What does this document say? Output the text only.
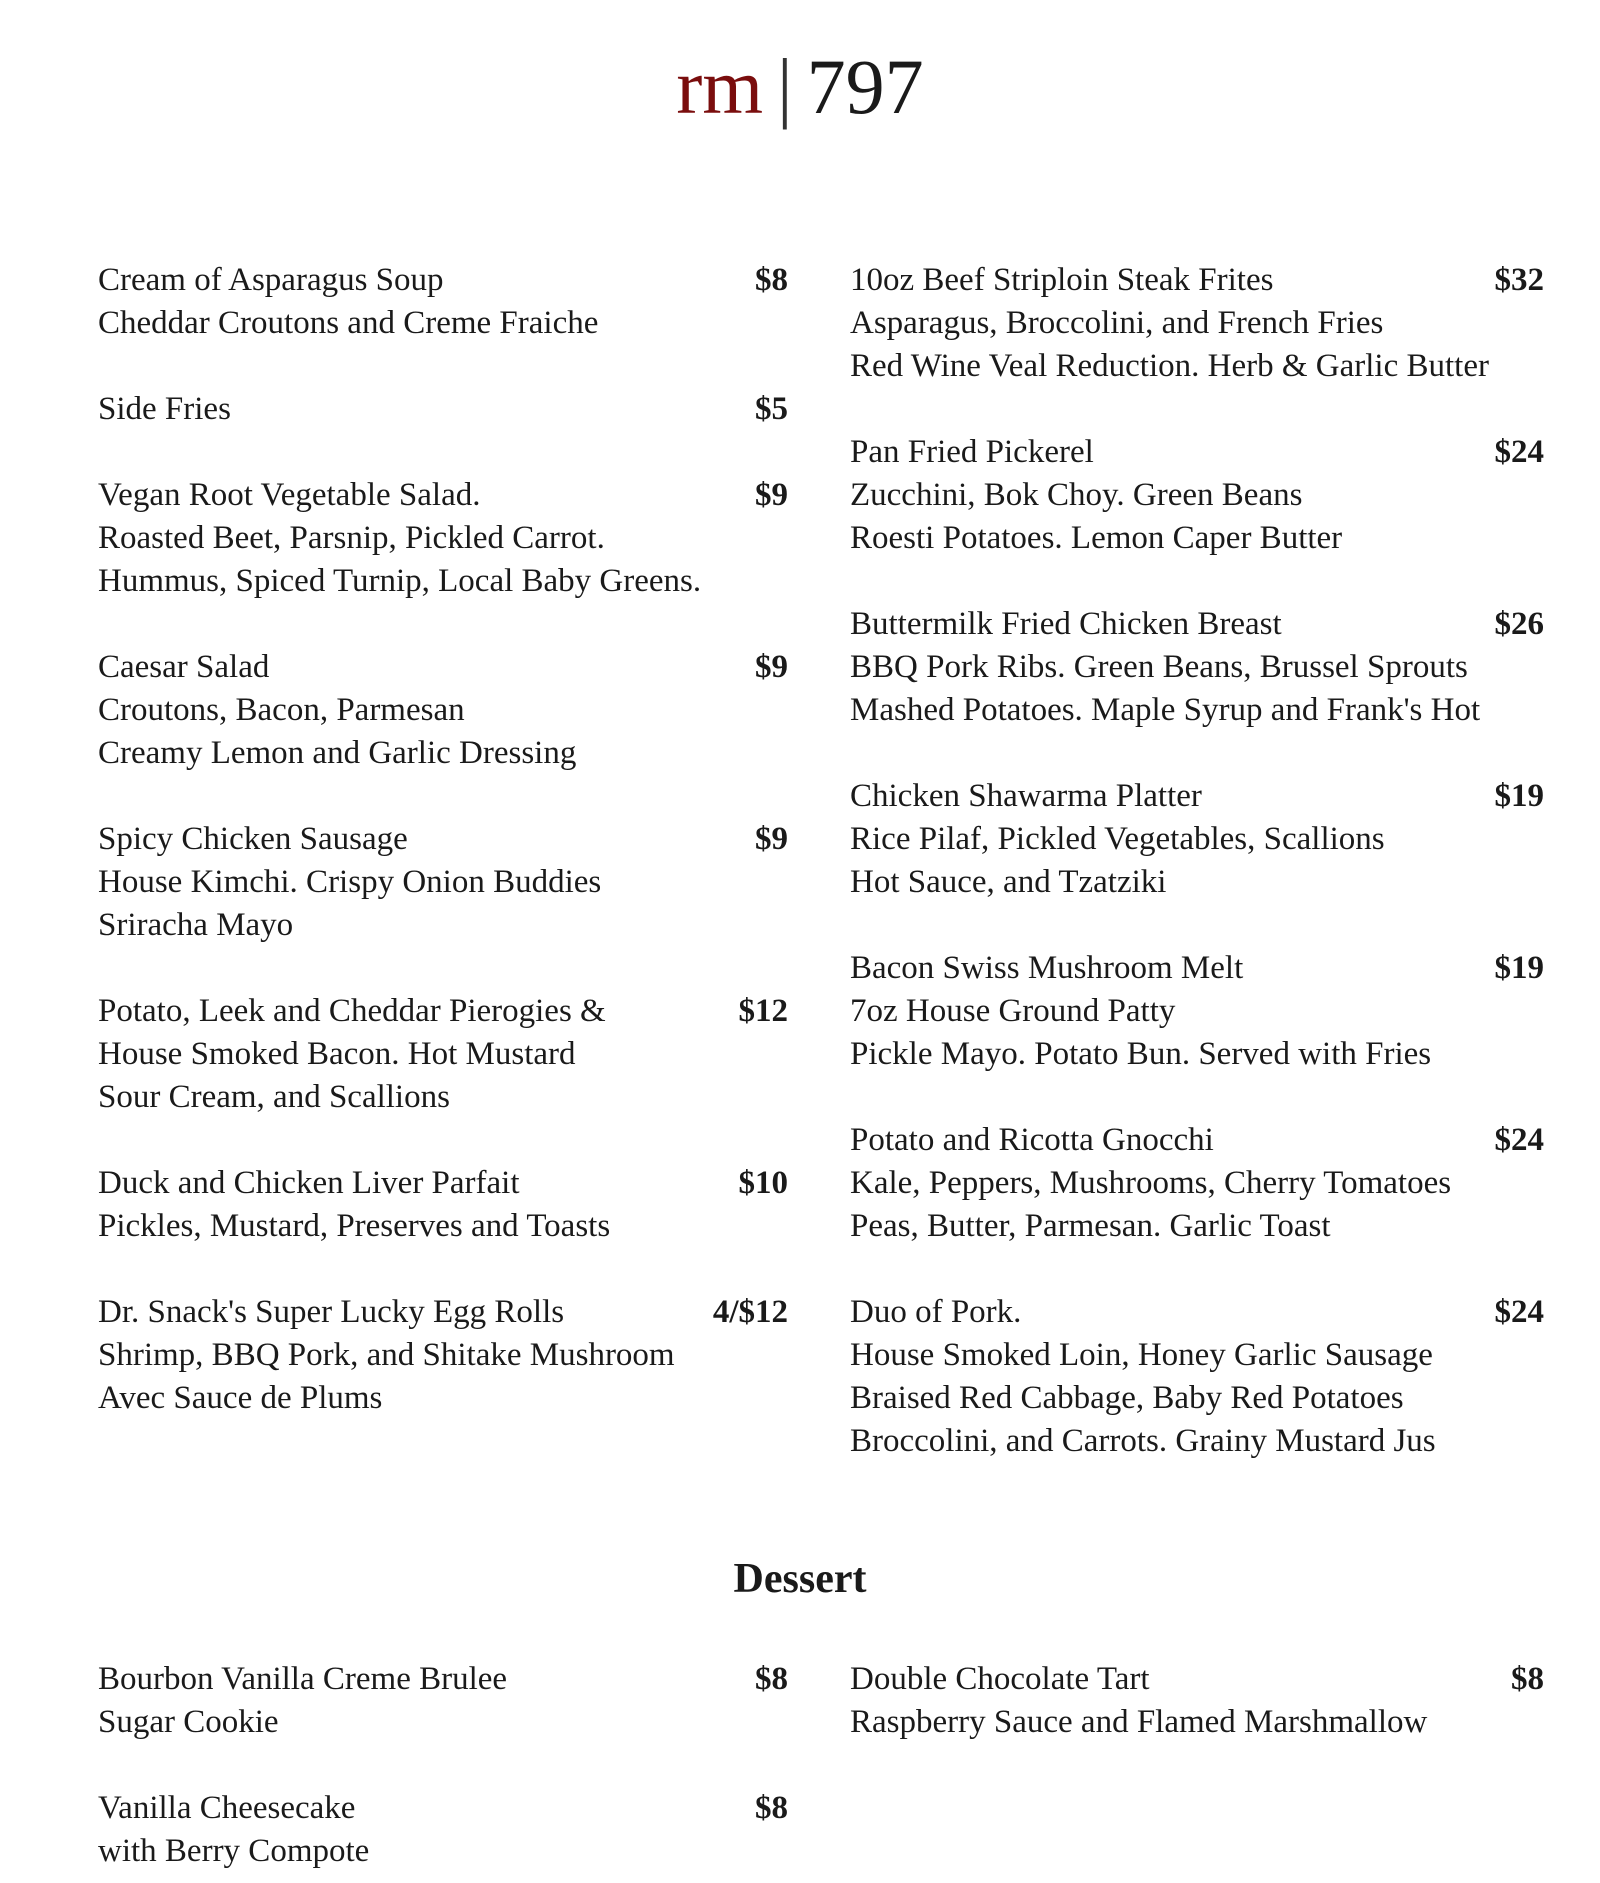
rm | 797
Cream of Asparagus Soup	$8
Cheddar Croutons and Creme Fraiche
Side Fries	$5
Vegan Root Vegetable Salad.	$9
Roasted Beet, Parsnip, Pickled Carrot.
Hummus, Spiced Turnip, Local Baby Greens.
Caesar Salad	$9
Croutons, Bacon, Parmesan
Creamy Lemon and Garlic Dressing
Spicy Chicken Sausage	$9
House Kimchi. Crispy Onion Buddies
Sriracha Mayo
Potato, Leek and Cheddar Pierogies &	$12
House Smoked Bacon. Hot Mustard
Sour Cream, and Scallions
Duck and Chicken Liver Parfait	$10
Pickles, Mustard, Preserves and Toasts
Dr. Snack's Super Lucky Egg Rolls	4/$12
Shrimp, BBQ Pork, and Shitake Mushroom
Avec Sauce de Plums
10oz Beef Striploin Steak Frites	$32
Asparagus, Broccolini, and French Fries
Red Wine Veal Reduction. Herb & Garlic Butter
Pan Fried Pickerel	$24
Zucchini, Bok Choy. Green Beans
Roesti Potatoes. Lemon Caper Butter
Buttermilk Fried Chicken Breast	$26
BBQ Pork Ribs. Green Beans, Brussel Sprouts
Mashed Potatoes. Maple Syrup and Frank's Hot
Chicken Shawarma Platter	$19
Rice Pilaf, Pickled Vegetables, Scallions
Hot Sauce, and Tzatziki
Bacon Swiss Mushroom Melt	$19
7oz House Ground Patty
Pickle Mayo. Potato Bun. Served with Fries
Potato and Ricotta Gnocchi	$24
Kale, Peppers, Mushrooms, Cherry Tomatoes
Peas, Butter, Parmesan. Garlic Toast
Duo of Pork.	$24
House Smoked Loin, Honey Garlic Sausage
Braised Red Cabbage, Baby Red Potatoes
Broccolini, and Carrots. Grainy Mustard Jus
Dessert
Bourbon Vanilla Creme Brulee	$8
Sugar Cookie
Vanilla Cheesecake	$8
with Berry Compote
Double Chocolate Tart	$8
Raspberry Sauce and Flamed Marshmallow
